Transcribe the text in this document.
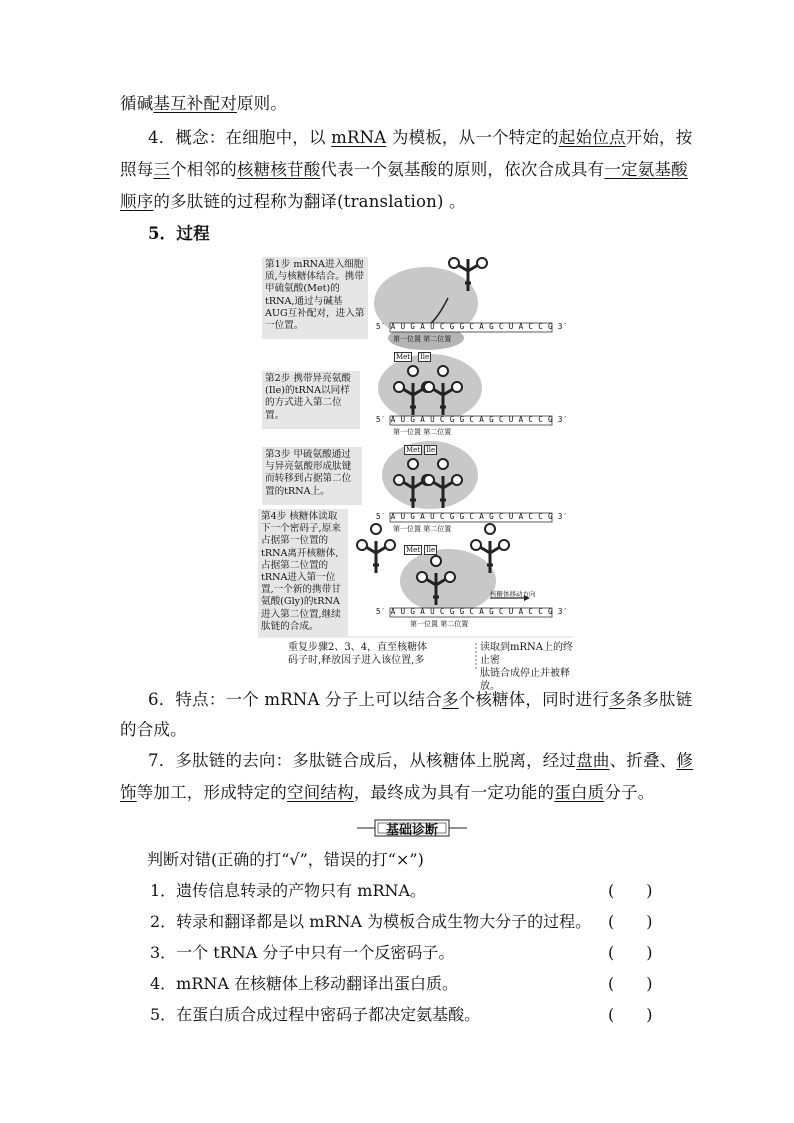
循碱基互补配对原则。
4．概念：在细胞中，以 mRNA 为模板，从一个特定的起始位点开始，按
照每三个相邻的核糖核苷酸代表一个氨基酸的原则，依次合成具有一定氨基酸
顺序的多肽链的过程称为翻译(translation) 。
5．过程
第1步 mRNA进入细胞质,与核糖体结合。携带甲硫氨酸(Met)的tRNA,通过与碱基AUG互补配对，进入第一位置。
第2步 携带异亮氨酸(Ile)的tRNA以同样的方式进入第二位置。
第3步 甲硫氨酸通过与异亮氨酸形成肽键而转移到占据第二位置的tRNA上。
第4步 核糖体读取下一个密码子,原来占据第一位置的tRNA离开核糖体,占据第二位置的tRNA进入第一位置,一个新的携带甘氨酸(Gly)的tRNA进入第二位置,继续肽链的合成。
5′ A U G A U C G G C A G C U A C C G 3′
第一位置 第二位置
5′ A U G A U C G G C A G C U A C C G 3′
第一位置 第二位置
5′ A U G A U C G G C A G C U A C C G 3′
第一位置 第二位置
5′ A U G A U C G G C A G C U A C C G 3′
第一位置 第二位置
Met Ile
Met Ile
Met Ile
核糖体移动方向
重复步骤2、3、4，直至核糖体
码子时,释放因子进入该位置,多
读取到mRNA上的终止密
肽链合成停止并被释放。
6．特点：一个 mRNA 分子上可以结合多个核糖体，同时进行多条多肽链
的合成。
7．多肽链的去向：多肽链合成后，从核糖体上脱离，经过盘曲、折叠、修
饰等加工，形成特定的空间结构，最终成为具有一定功能的蛋白质分子。
基础诊断
判断对错(正确的打“√”，错误的打“×”)
1．遗传信息转录的产物只有 mRNA。	(　　)
2．转录和翻译都是以 mRNA 为模板合成生物大分子的过程。	(　　)
3．一个 tRNA 分子中只有一个反密码子。	(　　)
4．mRNA 在核糖体上移动翻译出蛋白质。	(　　)
5．在蛋白质合成过程中密码子都决定氨基酸。	(　　)
